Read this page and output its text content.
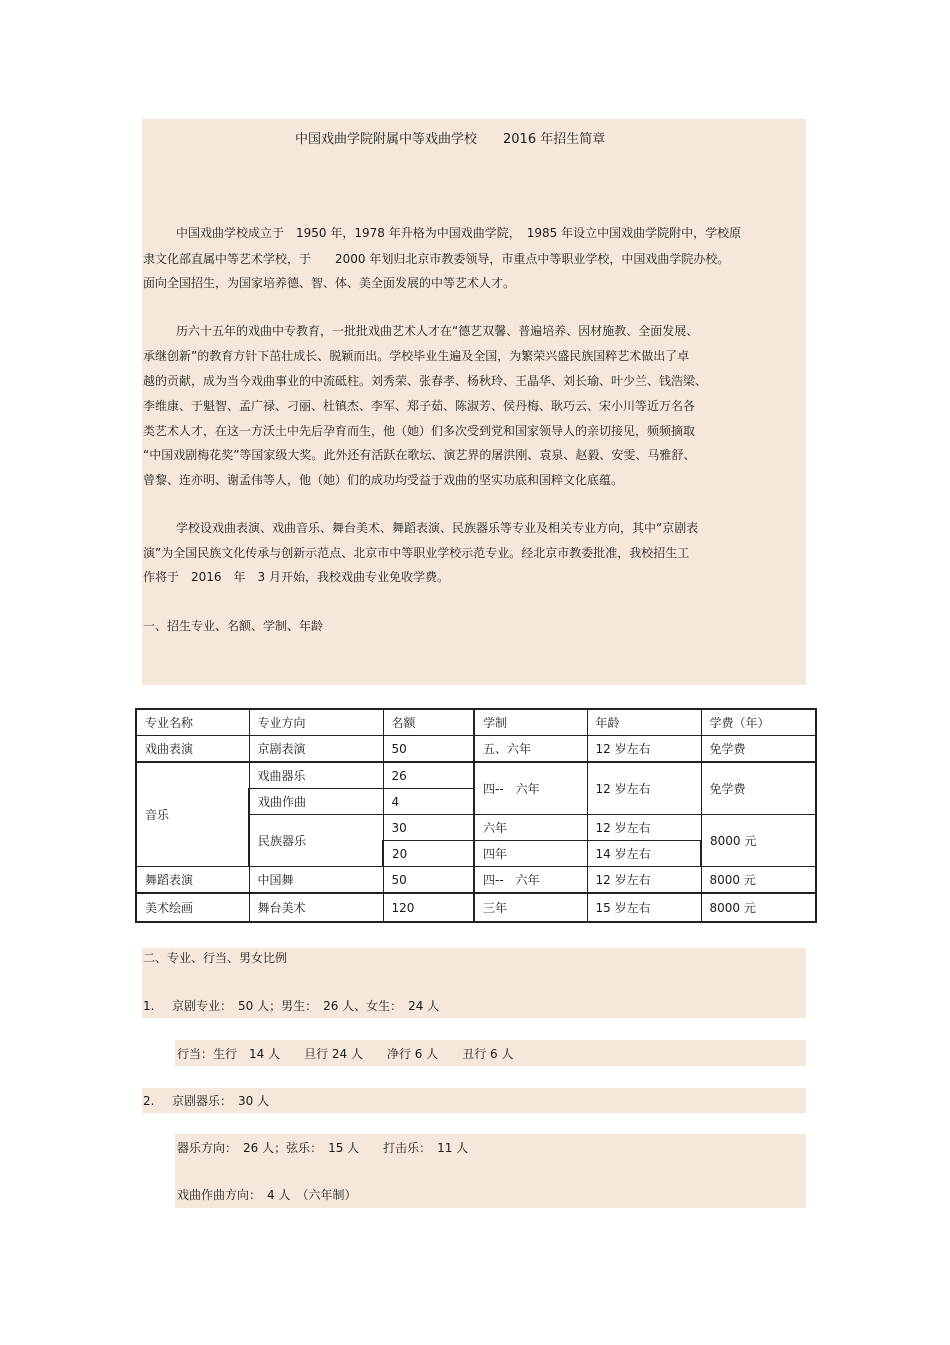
中国戏曲学院附属中等戏曲学校　　2016 年招生简章
中国戏曲学校成立于　1950 年，1978 年升格为中国戏曲学院，　1985 年设立中国戏曲学院附中，学校原
隶文化部直属中等艺术学校，于　　2000 年划归北京市教委领导，市重点中等职业学校，中国戏曲学院办校。
面向全国招生，为国家培养德、智、体、美全面发展的中等艺术人才。
历六十五年的戏曲中专教育，一批批戏曲艺术人才在“德艺双馨、普遍培养、因材施教、全面发展、
承继创新”的教育方针下茁壮成长、脱颖而出。学校毕业生遍及全国，为繁荣兴盛民族国粹艺术做出了卓
越的贡献，成为当今戏曲事业的中流砥柱。刘秀荣、张春孝、杨秋玲、王晶华、刘长瑜、叶少兰、钱浩梁、
李维康、于魁智、孟广禄、刁丽、杜镇杰、李军、郑子茹、陈淑芳、侯丹梅、耿巧云、宋小川等近万名各
类艺术人才，在这一方沃土中先后孕育而生，他（她）们多次受到党和国家领导人的亲切接见，频频摘取
“中国戏剧梅花奖”等国家级大奖。此外还有活跃在歌坛、演艺界的屠洪刚、袁泉、赵毅、安雯、马雅舒、
曾黎、连亦明、谢孟伟等人，他（她）们的成功均受益于戏曲的坚实功底和国粹文化底蕴。
学校设戏曲表演、戏曲音乐、舞台美术、舞蹈表演、民族器乐等专业及相关专业方向，其中“京剧表
演”为全国民族文化传承与创新示范点、北京市中等职业学校示范专业。经北京市教委批准，我校招生工
作将于　2016　年　3 月开始，我校戏曲专业免收学费。
一、招生专业、名额、学制、年龄
专业名称	专业方向	名额	学制	年龄	学费（年）
戏曲表演	京剧表演	50	五、六年	12 岁左右	免学费
音乐	戏曲器乐	26	四--　六年	12 岁左右	免学费
	戏曲作曲	4			
	民族器乐	30	六年	12 岁左右	8000 元
		20	四年	14 岁左右	
舞蹈表演	中国舞	50	四--　六年	12 岁左右	8000 元
美术绘画	舞台美术	120	三年	15 岁左右	8000 元
二、专业、行当、男女比例
1. 京剧专业：　50 人；男生：　26 人、女生：　24 人
行当：生行　14 人　　旦行 24 人　　净行 6 人　　丑行 6 人
2. 京剧器乐：　30 人
器乐方向：　26 人；弦乐：　15 人　　打击乐：　11 人
戏曲作曲方向：　4 人　（六年制）
